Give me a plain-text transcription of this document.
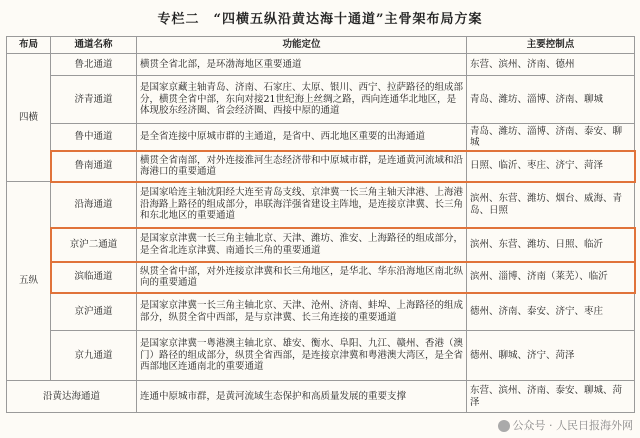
专栏二　“四横五纵沿黄达海十通道”主骨架布局方案
布局	通道名称	功能定位	主要控制点
四横	鲁北通道	横贯全省北部，是环渤海地区重要通道	东营、滨州、济南、德州
	济青通道	是国家京藏主轴青岛、济南、石家庄、太原、银川、西宁、拉萨路径的组成部分，横贯全省中部，东向对接21世纪海上丝绸之路，西向连通华北地区，是体现胶东经济圈、省会经济圈、西接中原的通道	青岛、潍坊、淄博、济南、聊城
	鲁中通道	是全省连接中原城市群的主通道，是省中、西北地区重要的出海通道	青岛、潍坊、淄博、济南、泰安、聊城
	鲁南通道	横贯全省南部，对外连接淮河生态经济带和中原城市群，是连通黄河流域和沿海港口的重要通道	日照、临沂、枣庄、济宁、菏泽
五纵	沿海通道	是国家哈连主轴沈阳经大连至青岛支线、京津冀一长三角主轴天津港、上海港沿海路上路径的组成部分，串联海洋强省建设主阵地，是连接京津冀、长三角和东北地区的重要通道	滨州、东营、潍坊、烟台、威海、青岛、日照
	京沪二通道	是国家京津冀一长三角主轴北京、天津、潍坊、淮安、上海路径的组成部分，是全省北连京津冀、南通长三角的重要通道	滨州、东营、潍坊、日照、临沂
	滨临通道	纵贯全省中部，对外连接京津冀和长三角地区，是华北、华东沿海地区南北纵向的重要通道	滨州、淄博、济南（莱芜）、临沂
	京沪通道	是国家京津冀一长三角主轴北京、天津、沧州、济南、蚌埠、上海路径的组成部分，纵贯全省中西部，是与京津冀、长三角连接的重要通道	德州、济南、泰安、济宁、枣庄
	京九通道	是国家京津冀一粤港澳主轴北京、雄安、衡水、阜阳、九江、赣州、香港（澳门）路径的组成部分，纵贯全省西部，是连接京津冀和粤港澳大湾区，是全省西部地区连通南北的重要通道	德州、聊城、济宁、菏泽
沿黄达海通道		连通中原城市群，是黄河流域生态保护和高质量发展的重要支撑	东营、滨州、济南、泰安、聊城、菏泽
公众号 · 人民日报海外网
